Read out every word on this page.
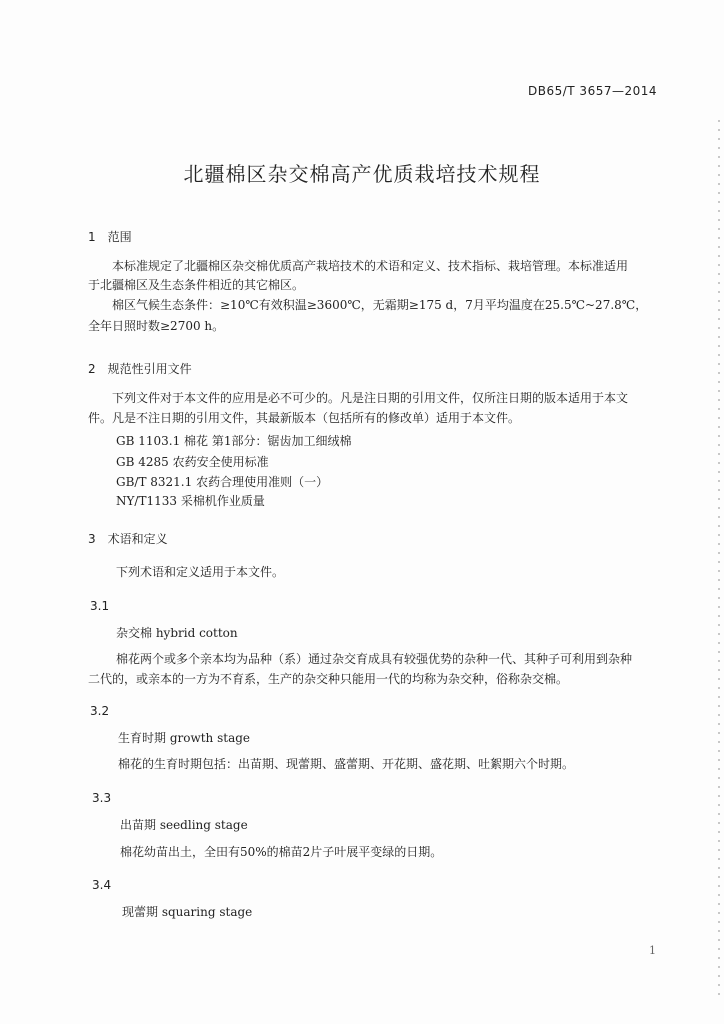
DB65/T 3657—2014
北疆棉区杂交棉高产优质栽培技术规程
1　范围
本标准规定了北疆棉区杂交棉优质高产栽培技术的术语和定义、技术指标、栽培管理。本标准适用
于北疆棉区及生态条件相近的其它棉区。
棉区气候生态条件：≥10℃有效积温≥3600℃，无霜期≥175 d，7月平均温度在25.5℃~27.8℃，
全年日照时数≥2700 h。
2　规范性引用文件
下列文件对于本文件的应用是必不可少的。凡是注日期的引用文件，仅所注日期的版本适用于本文
件。凡是不注日期的引用文件，其最新版本（包括所有的修改单）适用于本文件。
GB 1103.1 棉花 第1部分：锯齿加工细绒棉
GB 4285 农药安全使用标准
GB/T 8321.1 农药合理使用准则（一）
NY/T1133 采棉机作业质量
3　术语和定义
下列术语和定义适用于本文件。
3.1
杂交棉 hybrid cotton
棉花两个或多个亲本均为品种（系）通过杂交育成具有较强优势的杂种一代、其种子可利用到杂种
二代的，或亲本的一方为不育系，生产的杂交种只能用一代的均称为杂交种，俗称杂交棉。
3.2
生育时期 growth stage
棉花的生育时期包括：出苗期、现蕾期、盛蕾期、开花期、盛花期、吐絮期六个时期。
3.3
出苗期 seedling stage
棉花幼苗出土，全田有50%的棉苗2片子叶展平变绿的日期。
3.4
现蕾期 squaring stage
1
